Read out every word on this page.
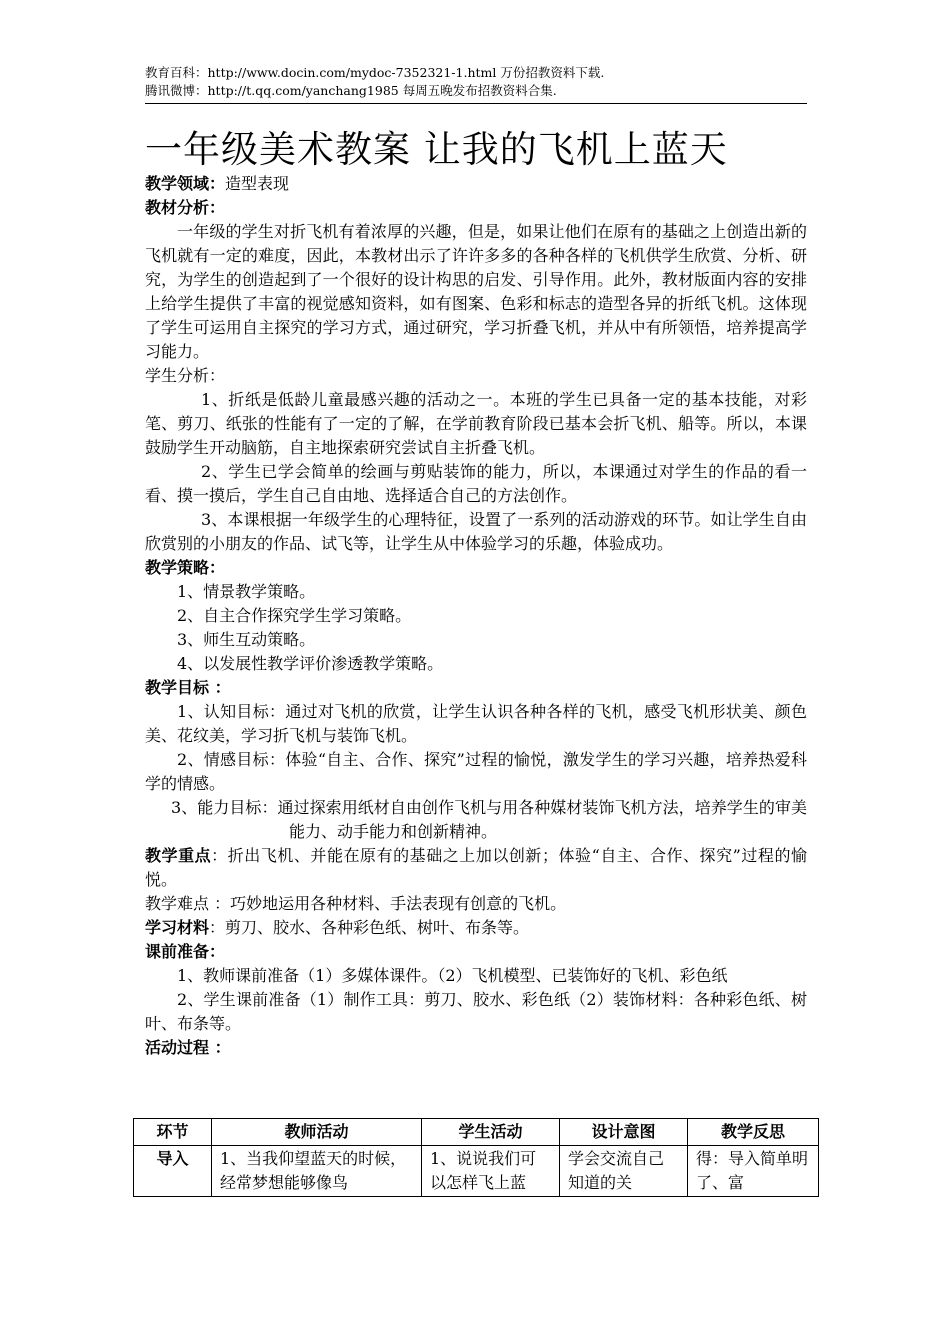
教育百科：http://www.docin.com/mydoc-7352321-1.html 万份招教资料下载.
腾讯微博：http://t.qq.com/yanchang1985 每周五晚发布招教资料合集.
一年级美术教案 让我的飞机上蓝天

教学领域：造型表现

教材分析：

一年级的学生对折飞机有着浓厚的兴趣，但是，如果让他们在原有的基础之上创造出新的飞机就有一定的难度，因此，本教材出示了许许多多的各种各样的飞机供学生欣赏、分析、研究，为学生的创造起到了一个很好的设计构思的启发、引导作用。此外，教材版面内容的安排上给学生提供了丰富的视觉感知资料，如有图案、色彩和标志的造型各异的折纸飞机。这体现了学生可运用自主探究的学习方式，通过研究，学习折叠飞机，并从中有所领悟，培养提高学习能力。

学生分析：

1、折纸是低龄儿童最感兴趣的活动之一。本班的学生已具备一定的基本技能，对彩笔、剪刀、纸张的性能有了一定的了解，在学前教育阶段已基本会折飞机、船等。所以，本课鼓励学生开动脑筋，自主地探索研究尝试自主折叠飞机。

2、学生已学会简单的绘画与剪贴装饰的能力，所以，本课通过对学生的作品的看一看、摸一摸后，学生自己自由地、选择适合自己的方法创作。

3、本课根据一年级学生的心理特征，设置了一系列的活动游戏的环节。如让学生自由欣赏别的小朋友的作品、试飞等，让学生从中体验学习的乐趣，体验成功。

教学策略：

1、情景教学策略。

2、自主合作探究学生学习策略。

3、师生互动策略。

4、以发展性教学评价渗透教学策略。

教学目标 ：

1、认知目标：通过对飞机的欣赏，让学生认识各种各样的飞机，感受飞机形状美、颜色美、花纹美，学习折飞机与装饰飞机。

2、情感目标：体验“自主、合作、探究”过程的愉悦，激发学生的学习兴趣，培养热爱科学的情感。

3、能力目标：通过探索用纸材自由创作飞机与用各种媒材装饰飞机方法，培养学生的审美能力、动手能力和创新精神。

教学重点：折出飞机、并能在原有的基础之上加以创新；体验“自主、合作、探究”过程的愉悦。

教学难点 ：巧妙地运用各种材料、手法表现有创意的飞机。

学习材料：剪刀、胶水、各种彩色纸、树叶、布条等。

课前准备：

1、教师课前准备（1）多媒体课件。（2）飞机模型、已装饰好的飞机、彩色纸

2、学生课前准备（1）制作工具：剪刀、胶水、彩色纸（2）装饰材料：各种彩色纸、树叶、布条等。

活动过程 ：

环节	教师活动	学生活动	设计意图	教学反思
导入	1、当我仰望蓝天的时候，经常梦想能够像鸟	1、说说我们可以怎样飞上蓝	学会交流自己知道的关	得：导入简单明了、富
